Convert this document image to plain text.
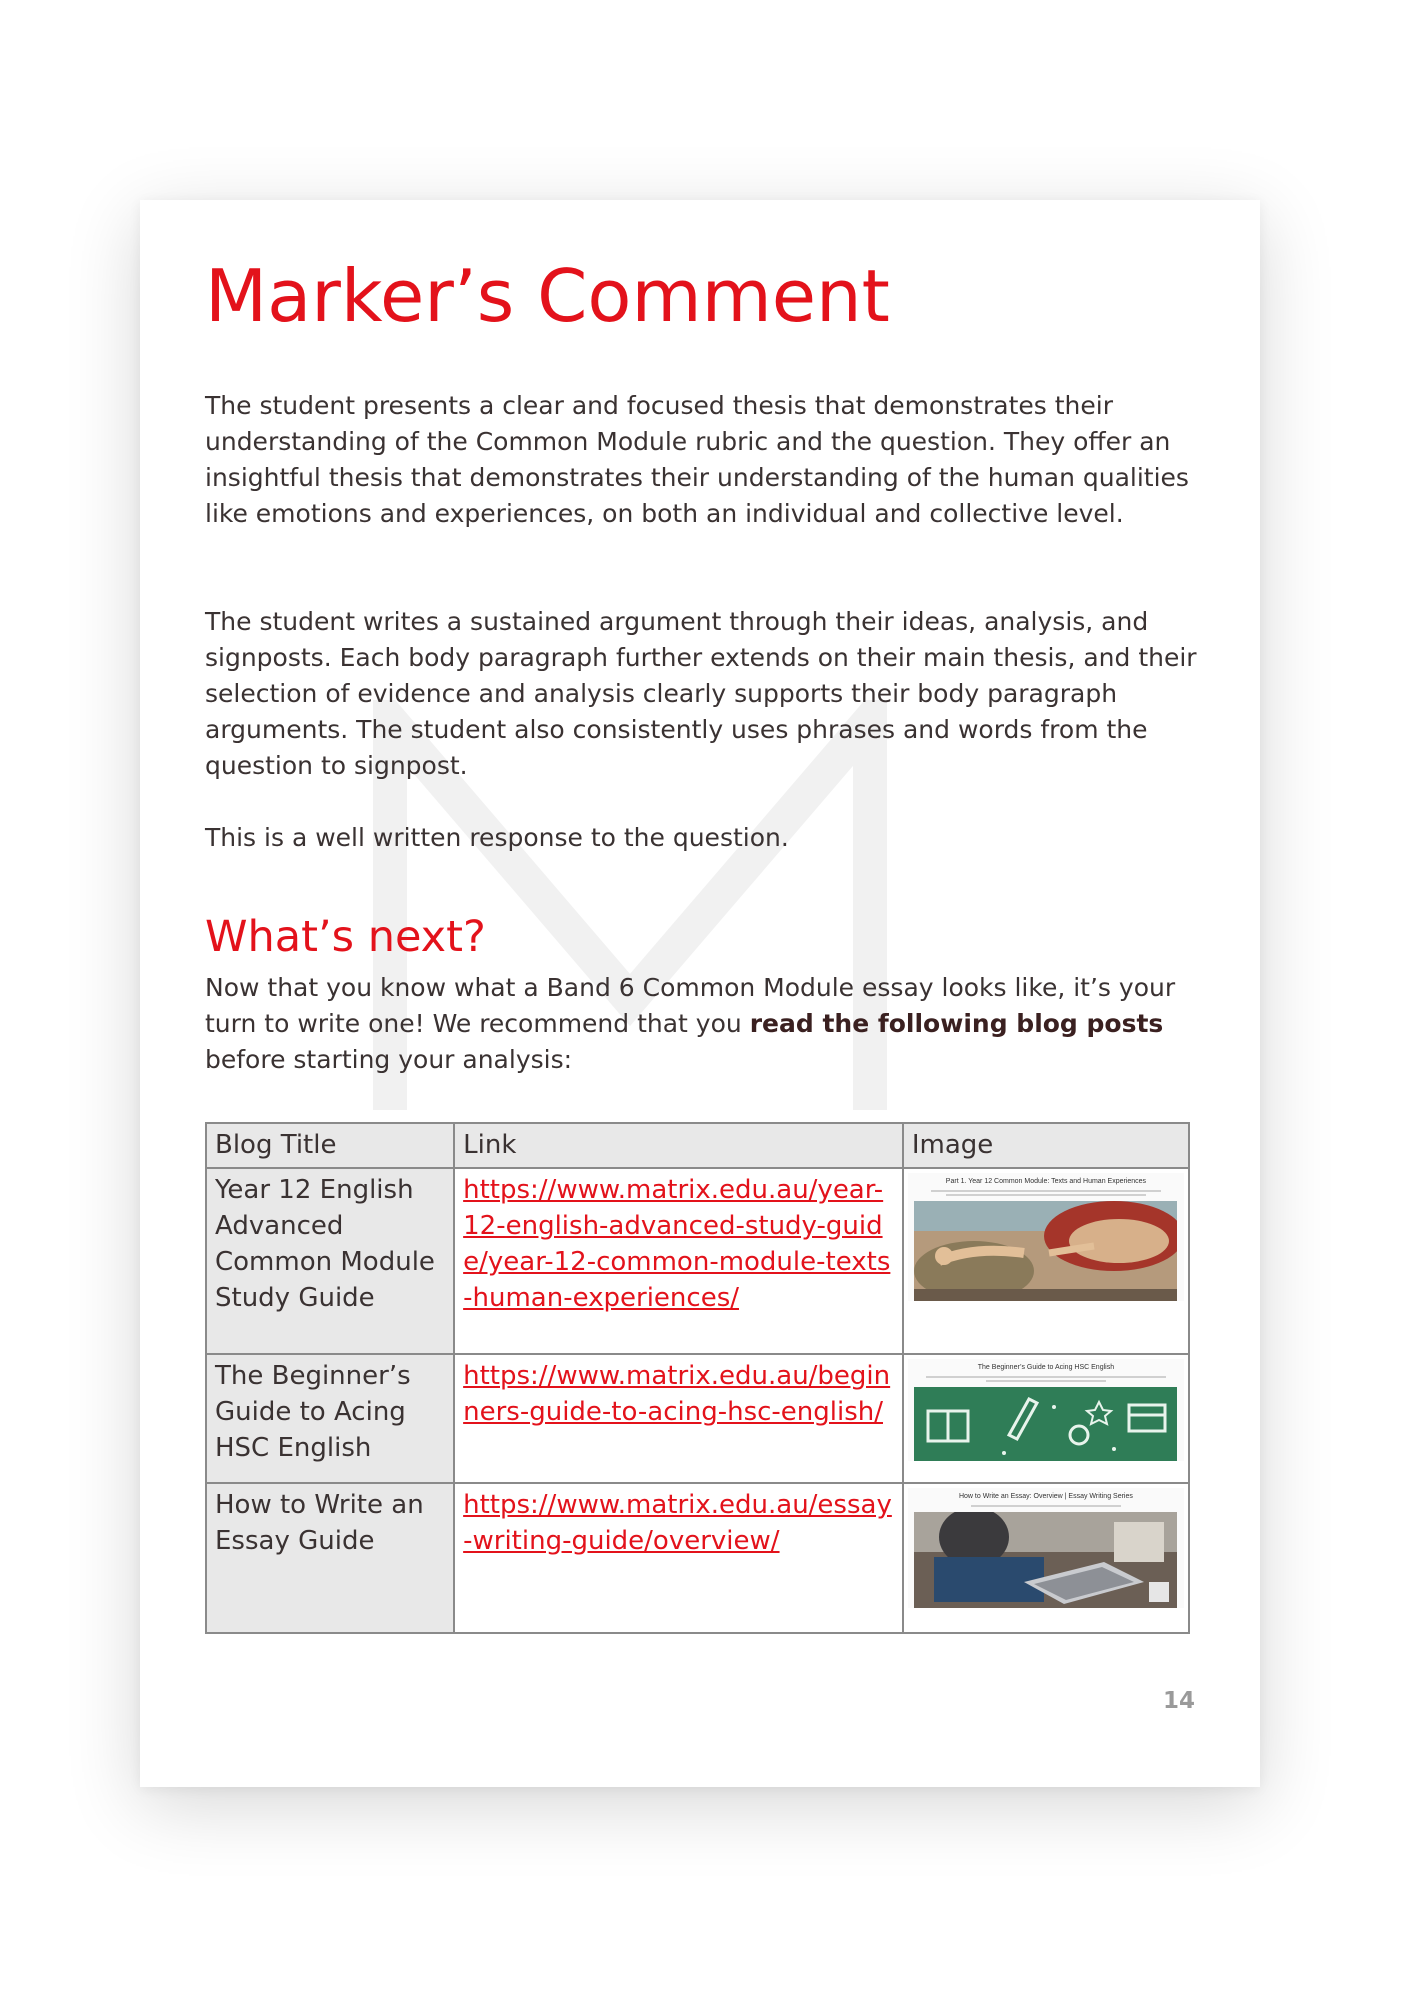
Marker’s Comment

The student presents a clear and focused thesis that demonstrates their understanding of the Common Module rubric and the question. They offer an insightful thesis that demonstrates their understanding of the human qualities like emotions and experiences, on both an individual and collective level.

The student writes a sustained argument through their ideas, analysis, and signposts. Each body paragraph further extends on their main thesis, and their selection of evidence and analysis clearly supports their body paragraph arguments. The student also consistently uses phrases and words from the question to signpost.

This is a well written response to the question.

What’s next?

Now that you know what a Band 6 Common Module essay looks like, it’s your turn to write one! We recommend that you read the following blog posts before starting your analysis:

Blog Title	Link	Image
Year 12 English Advanced Common Module Study Guide	https://www.matrix.edu.au/year-12-english-advanced-study-guide/year-12-common-module-texts-human-experiences/	Part 1. Year 12 Common Module: Texts and Human Experiences

The Beginner’s Guide to Acing HSC English	https://www.matrix.edu.au/beginners-guide-to-acing-hsc-english/	The Beginner’s Guide to Acing HSC English

How to Write an Essay Guide	https://www.matrix.edu.au/essay-writing-guide/overview/	How to Write an Essay: Overview | Essay Writing Series
14
